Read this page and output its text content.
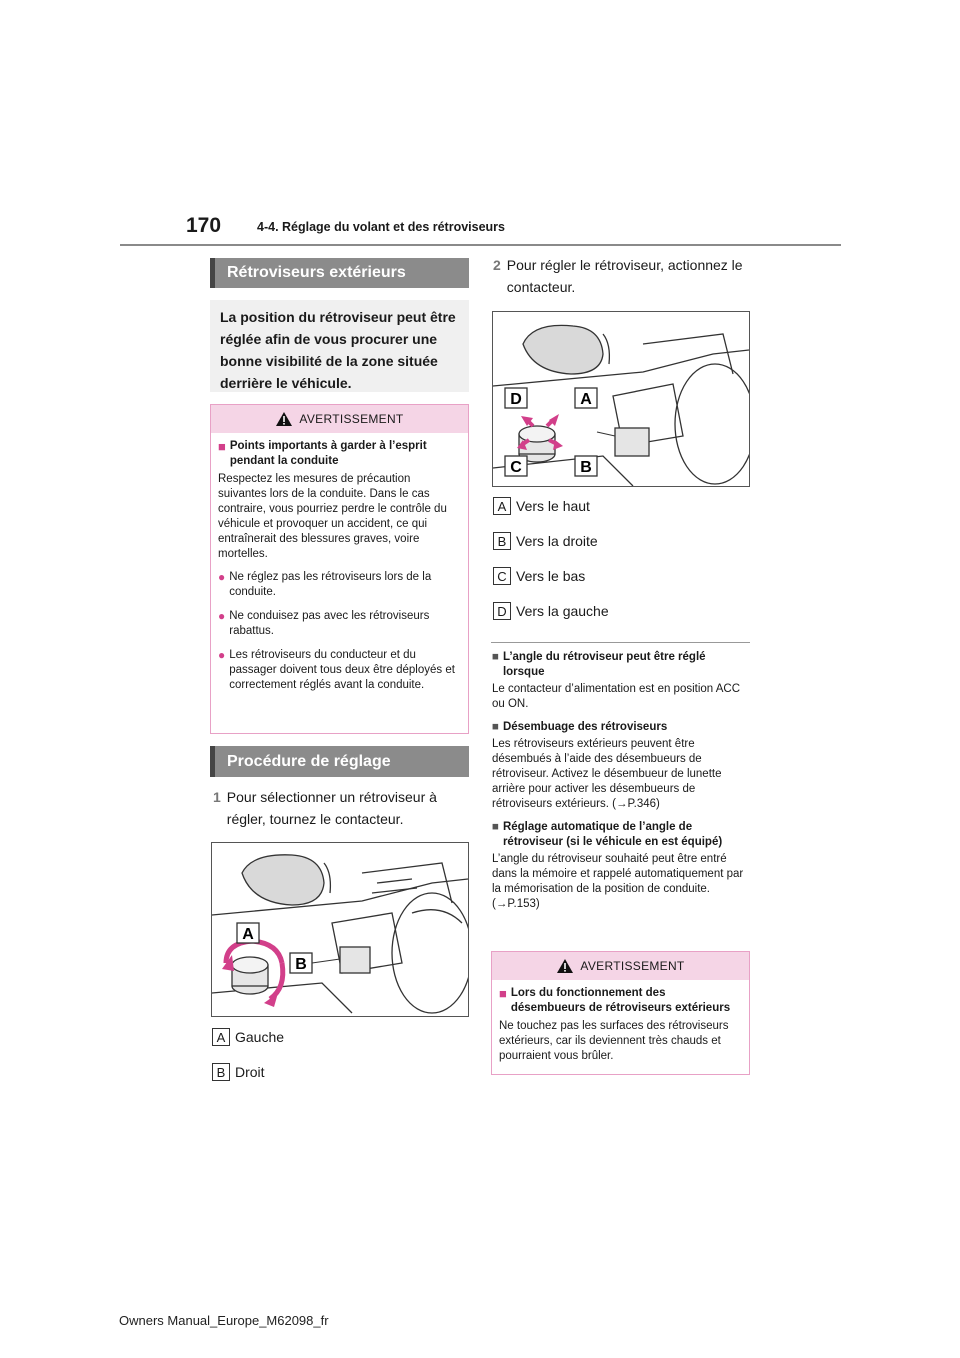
170	4-4. Réglage du volant et des rétroviseurs
Rétroviseurs extérieurs
La position du rétroviseur peut être réglée afin de vous procurer une bonne visibilité de la zone située derrière le véhicule.
AVERTISSEMENT
■ Points importants à garder à l’esprit pendant la conduite

Respectez les mesures de précaution suivantes lors de la conduite. Dans le cas contraire, vous pourriez perdre le contrôle du véhicule et provoquer un accident, ce qui entraînerait des blessures graves, voire mortelles.

● Ne réglez pas les rétroviseurs lors de la conduite.
● Ne conduisez pas avec les rétroviseurs rabattus.
● Les rétroviseurs du conducteur et du passager doivent tous deux être déployés et correctement réglés avant la conduite.
Procédure de réglage
1 Pour sélectionner un rétroviseur à régler, tournez le contacteur.
A
B
A Gauche
B Droit
2 Pour régler le rétroviseur, actionnez le contacteur.
D	A
C	B
A Vers le haut
B Vers la droite
C Vers le bas
D Vers la gauche
■ L’angle du rétroviseur peut être réglé lorsque

Le contacteur d’alimentation est en position ACC ou ON.

■ Désembuage des rétroviseurs

Les rétroviseurs extérieurs peuvent être désembués à l’aide des désembueurs de rétroviseur. Activez le désembueur de lunette arrière pour activer les désembueurs de rétroviseurs extérieurs. (→P.346)

■ Réglage automatique de l’angle de rétroviseur (si le véhicule en est équipé)

L’angle du rétroviseur souhaité peut être entré dans la mémoire et rappelé automatiquement par la mémorisation de la position de conduite. (→P.153)

AVERTISSEMENT
■ Lors du fonctionnement des désembueurs de rétroviseurs extérieurs

Ne touchez pas les surfaces des rétroviseurs extérieurs, car ils deviennent très chauds et pourraient vous brûler.

Owners Manual_Europe_M62098_fr
